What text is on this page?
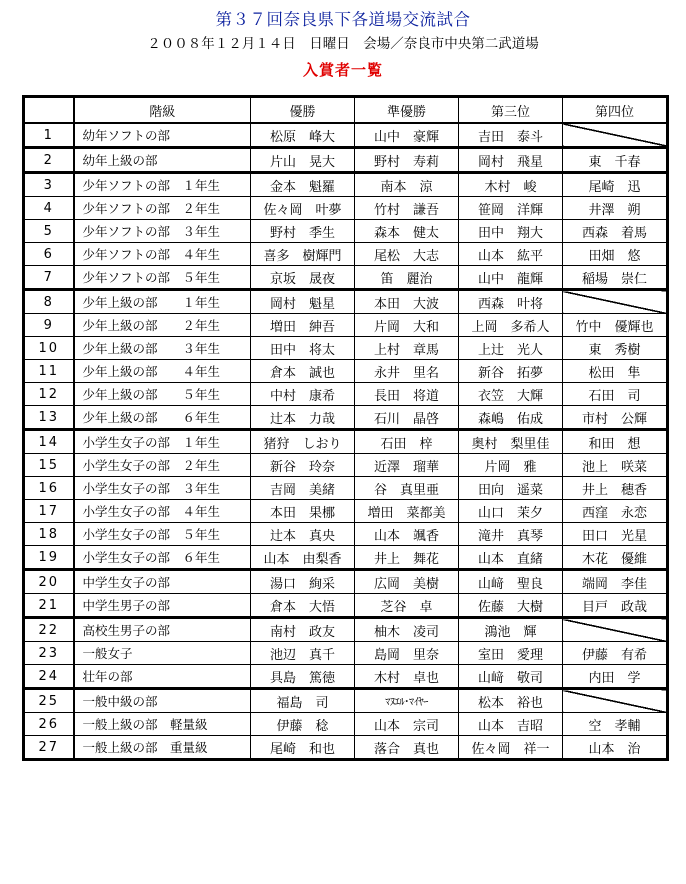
第３７回奈良県下各道場交流試合
２００８年１２月１４日　日曜日　会場／奈良市中央第二武道場
入賞者一覧
	階級	優勝	準優勝	第三位	第四位
1	幼年ソフトの部	松原　峰大	山中　豪輝	吉田　泰斗	
2	幼年上級の部	片山　晃大	野村　寿莉	岡村　飛星	東　千春
3	少年ソフトの部　１年生	金本　魁羅	南本　涼	木村　峻	尾崎　迅
4	少年ソフトの部　２年生	佐々岡　叶夢	竹村　謙吾	笹岡　洋輝	井澤　朔
5	少年ソフトの部　３年生	野村　季生	森本　健太	田中　翔大	西森　着馬
6	少年ソフトの部　４年生	喜多　樹輝門	尾松　大志	山本　紘平	田畑　悠
7	少年ソフトの部　５年生	京坂　晟夜	笛　麗治	山中　龍輝	稲場　崇仁
8	少年上級の部　　１年生	岡村　魁星	本田　大波	西森　叶将	
9	少年上級の部　　２年生	増田　紳吾	片岡　大和	上岡　多希人	竹中　優輝也
10	少年上級の部　　３年生	田中　将太	上村　章馬	上辻　光人	東　秀樹
11	少年上級の部　　４年生	倉本　誠也	永井　里名	新谷　拓夢	松田　隼
12	少年上級の部　　５年生	中村　康希	長田　将道	衣笠　大輝	石田　司
13	少年上級の部　　６年生	辻本　力哉	石川　晶啓	森嶋　佑成	市村　公輝
14	小学生女子の部　１年生	猪狩　しおり	石田　梓	奥村　梨里佳	和田　想
15	小学生女子の部　２年生	新谷　玲奈	近澤　瑠華	片岡　雅	池上　咲菜
16	小学生女子の部　３年生	吉岡　美緒	谷　真里亜	田向　遥菜	井上　穂香
17	小学生女子の部　４年生	本田　果梛	増田　菜都美	山口　茉夕	西窪　永恋
18	小学生女子の部　５年生	辻本　真央	山本　颯香	滝井　真琴	田口　光星
19	小学生女子の部　６年生	山本　由梨香	井上　舞花	山本　直緒	木花　優維
20	中学生女子の部	湯口　絢采	広岡　美樹	山﨑　聖良	端岡　李佳
21	中学生男子の部	倉本　大悟	芝谷　卓	佐藤　大樹	目戸　政哉
22	高校生男子の部	南村　政友	柚木　凌司	鴻池　輝	
23	一般女子	池辺　真千	島岡　里奈	室田　愛理	伊藤　有希
24	壮年の部	具島　篤徳	木村　卓也	山﨑　敬司	内田　学
25	一般中級の部	福島　司	ﾏﾇｴﾙ･ﾏｲﾔｰ	松本　裕也	
26	一般上級の部　軽量級	伊藤　稔	山本　宗司	山本　吉昭	空　孝輔
27	一般上級の部　重量級	尾崎　和也	落合　真也	佐々岡　祥一	山本　治
